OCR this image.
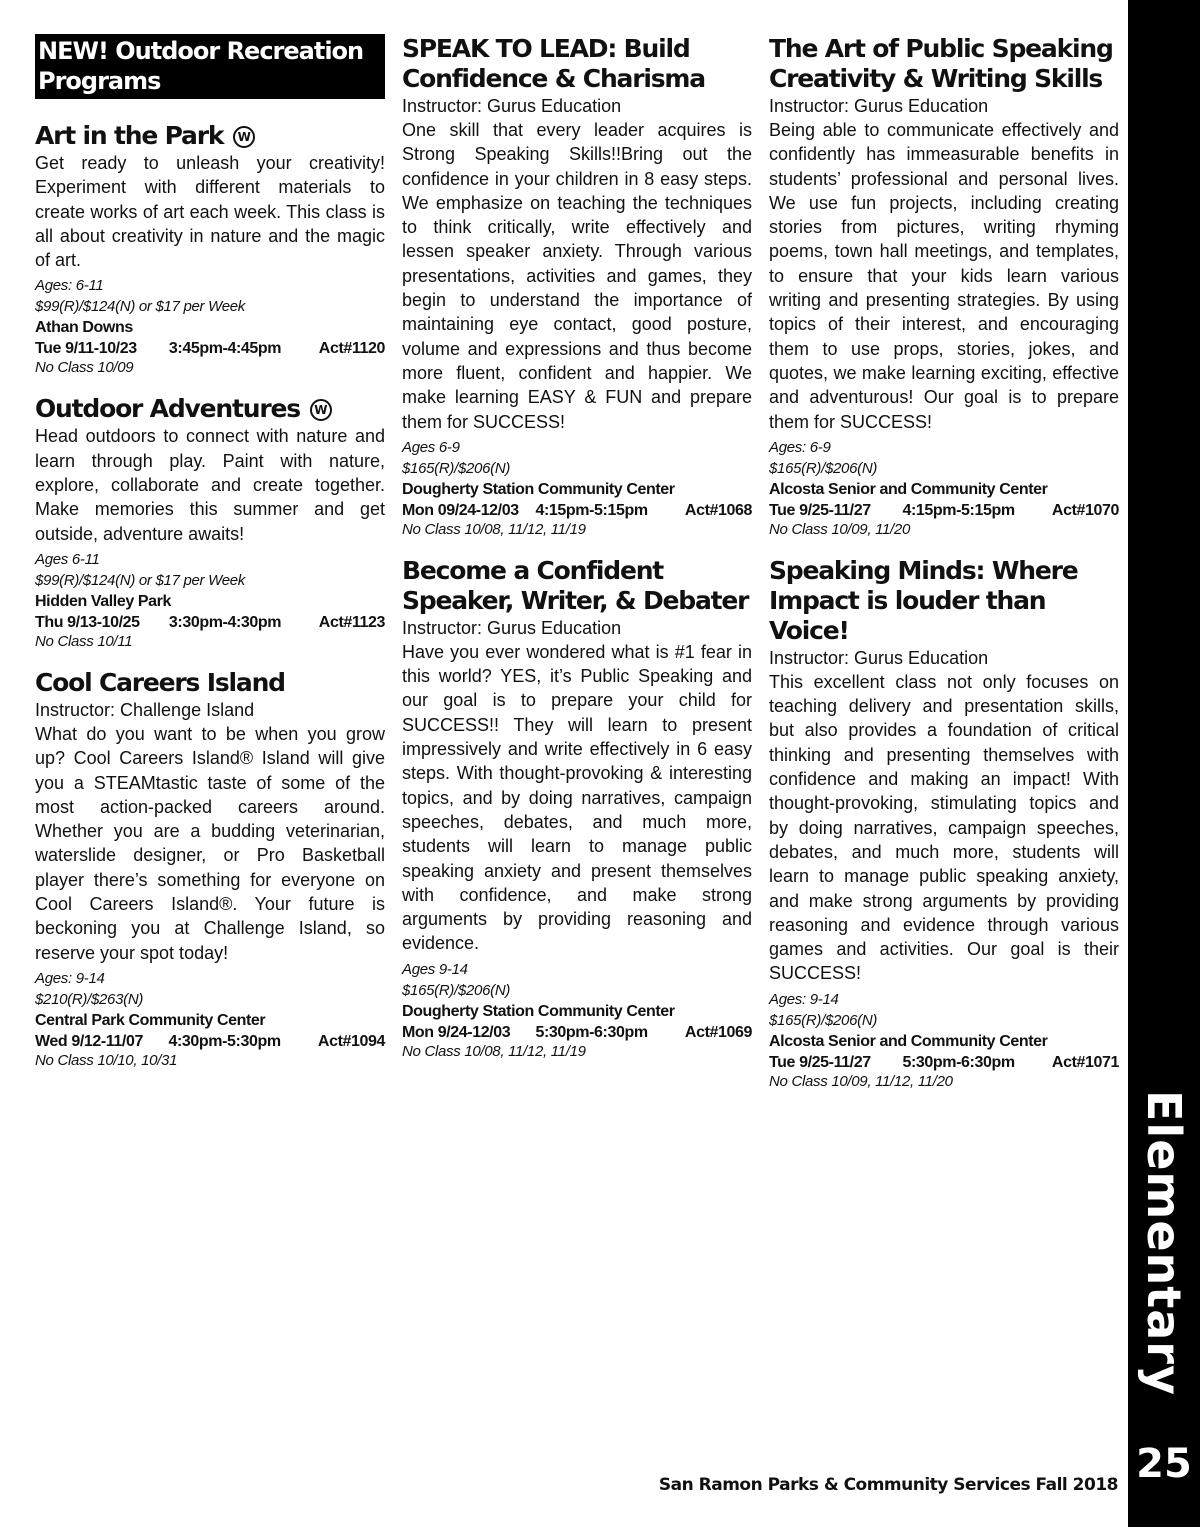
NEW! Outdoor Recreation Programs
Art in the Park W
Get ready to unleash your creativity! Experiment with different materials to create works of art each week. This class is all about creativity in nature and the magic of art.
Ages: 6-11
$99(R)/$124(N) or $17 per Week
Athan Downs
Tue 9/11-10/23	3:45pm-4:45pm	Act#1120
No Class 10/09
Outdoor Adventures W
Head outdoors to connect with nature and learn through play. Paint with nature, explore, collaborate and create together. Make memories this summer and get outside, adventure awaits!
Ages 6-11
$99(R)/$124(N) or $17 per Week
Hidden Valley Park
Thu 9/13-10/25	3:30pm-4:30pm	Act#1123
No Class 10/11
Cool Careers Island
Instructor: Challenge Island
What do you want to be when you grow up? Cool Careers Island® Island will give you a STEAMtastic taste of some of the most action-packed careers around. Whether you are a budding veterinarian, waterslide designer, or Pro Basketball player there’s something for everyone on Cool Careers Island®. Your future is beckoning you at Challenge Island, so reserve your spot today!
Ages: 9-14
$210(R)/$263(N)
Central Park Community Center
Wed 9/12-11/07	4:30pm-5:30pm	Act#1094
No Class 10/10, 10/31
SPEAK TO LEAD: Build Confidence & Charisma
Instructor: Gurus Education
One skill that every leader acquires is Strong Speaking Skills!!Bring out the confidence in your children in 8 easy steps. We emphasize on teaching the techniques to think critically, write effectively and lessen speaker anxiety. Through various presentations, activities and games, they begin to understand the importance of maintaining eye contact, good posture, volume and expressions and thus become more fluent, confident and happier. We make learning EASY & FUN and prepare them for SUCCESS!
Ages 6-9
$165(R)/$206(N)
Dougherty Station Community Center
Mon 09/24-12/03	4:15pm-5:15pm	Act#1068
No Class 10/08, 11/12, 11/19
Become a Confident Speaker, Writer, & Debater
Instructor: Gurus Education
Have you ever wondered what is #1 fear in this world? YES, it’s Public Speaking and our goal is to prepare your child for SUCCESS!! They will learn to present impressively and write effectively in 6 easy steps. With thought-provoking & interesting topics, and by doing narratives, campaign speeches, debates, and much more, students will learn to manage public speaking anxiety and present themselves with confidence, and make strong arguments by providing reasoning and evidence.
Ages 9-14
$165(R)/$206(N)
Dougherty Station Community Center
Mon 9/24-12/03	5:30pm-6:30pm	Act#1069
No Class 10/08, 11/12, 11/19
The Art of Public Speaking Creativity & Writing Skills
Instructor: Gurus Education
Being able to communicate effectively and confidently has immeasurable benefits in students’ professional and personal lives. We use fun projects, including creating stories from pictures, writing rhyming poems, town hall meetings, and templates, to ensure that your kids learn various writing and presenting strategies. By using topics of their interest, and encouraging them to use props, stories, jokes, and quotes, we make learning exciting, effective and adventurous! Our goal is to prepare them for SUCCESS!
Ages: 6-9
$165(R)/$206(N)
Alcosta Senior and Community Center
Tue 9/25-11/27	4:15pm-5:15pm	Act#1070
No Class 10/09, 11/20
Speaking Minds: Where Impact is louder than Voice!
Instructor: Gurus Education
This excellent class not only focuses on teaching delivery and presentation skills, but also provides a foundation of critical thinking and presenting themselves with confidence and making an impact! With thought-provoking, stimulating topics and by doing narratives, campaign speeches, debates, and much more, students will learn to manage public speaking anxiety, and make strong arguments by providing reasoning and evidence through various games and activities. Our goal is their SUCCESS!
Ages: 9-14
$165(R)/$206(N)
Alcosta Senior and Community Center
Tue 9/25-11/27	5:30pm-6:30pm	Act#1071
No Class 10/09, 11/12, 11/20
Elementary
25
San Ramon Parks & Community Services Fall 2018
